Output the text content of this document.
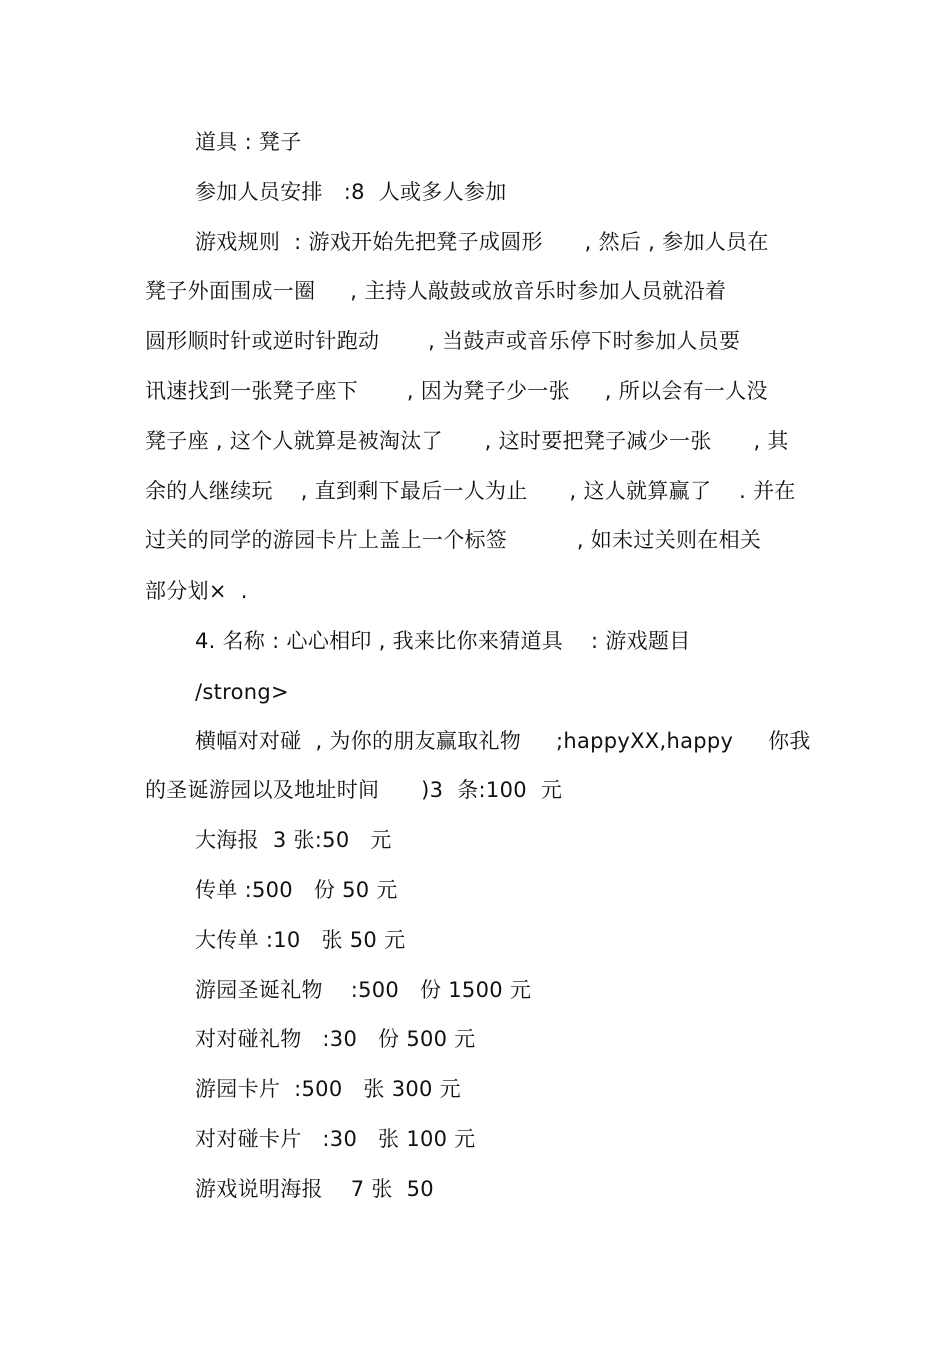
道具 : 凳子
参加人员安排   :8  人或多人参加
游戏规则  : 游戏开始先把凳子成圆形      , 然后 , 参加人员在
凳子外面围成一圈     , 主持人敲鼓或放音乐时参加人员就沿着
圆形顺时针或逆时针跑动       , 当鼓声或音乐停下时参加人员要
讯速找到一张凳子座下       , 因为凳子少一张     , 所以会有一人没
凳子座 , 这个人就算是被淘汰了      , 这时要把凳子减少一张      , 其
余的人继续玩    , 直到剩下最后一人为止      , 这人就算赢了    . 并在
过关的同学的游园卡片上盖上一个标签          , 如未过关则在相关
部分划×  .
4. 名称 : 心心相印 , 我来比你来猜道具    : 游戏题目
/strong>
横幅对对碰  , 为你的朋友赢取礼物     ;happyXX,happy     你我
的圣诞游园以及地址时间      )3  条:100  元
大海报  3 张:50   元
传单 :500   份 50 元
大传单 :10   张 50 元
游园圣诞礼物    :500   份 1500 元
对对碰礼物   :30   份 500 元
游园卡片  :500   张 300 元
对对碰卡片   :30   张 100 元
游戏说明海报    7 张  50
